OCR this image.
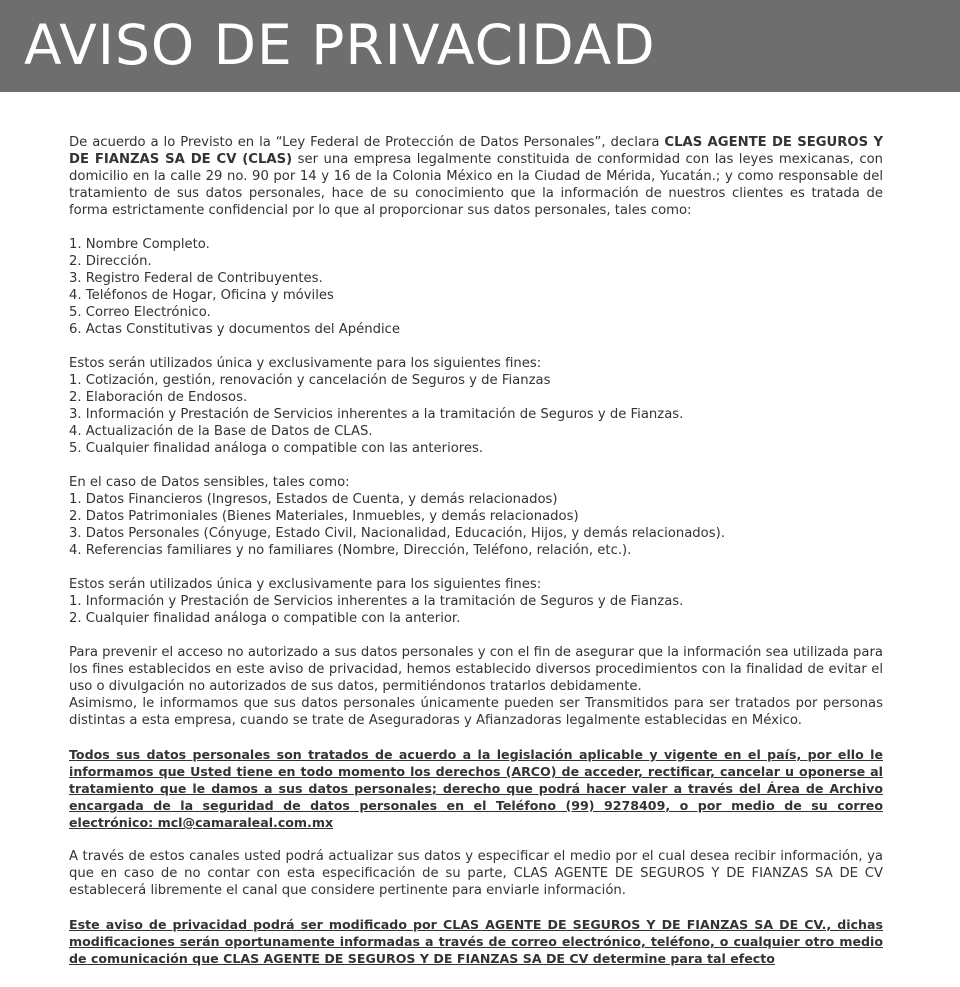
AVISO DE PRIVACIDAD

De acuerdo a lo Previsto en la “Ley Federal de Protección de Datos Personales”, declara CLAS AGENTE DE SEGUROS Y DE FIANZAS SA DE CV (CLAS) ser una empresa legalmente constituida de conformidad con las leyes mexicanas, con domicilio en la calle 29 no. 90 por 14 y 16 de la Colonia México en la Ciudad de Mérida, Yucatán.; y como responsable del tratamiento de sus datos personales, hace de su conocimiento que la información de nuestros clientes es tratada de forma estrictamente confidencial por lo que al proporcionar sus datos personales, tales como:

1. Nombre Completo.

2. Dirección.

3. Registro Federal de Contribuyentes.

4. Teléfonos de Hogar, Oficina y móviles

5. Correo Electrónico.

6. Actas Constitutivas y documentos del Apéndice

Estos serán utilizados única y exclusivamente para los siguientes fines:

1. Cotización, gestión, renovación y cancelación de Seguros y de Fianzas

2. Elaboración de Endosos.

3. Información y Prestación de Servicios inherentes a la tramitación de Seguros y de Fianzas.

4. Actualización de la Base de Datos de CLAS.

5. Cualquier finalidad análoga o compatible con las anteriores.

En el caso de Datos sensibles, tales como:

1. Datos Financieros (Ingresos, Estados de Cuenta, y demás relacionados)

2. Datos Patrimoniales (Bienes Materiales, Inmuebles, y demás relacionados)

3. Datos Personales (Cónyuge, Estado Civil, Nacionalidad, Educación, Hijos, y demás relacionados).

4. Referencias familiares y no familiares (Nombre, Dirección, Teléfono, relación, etc.).

Estos serán utilizados única y exclusivamente para los siguientes fines:

1. Información y Prestación de Servicios inherentes a la tramitación de Seguros y de Fianzas.

2. Cualquier finalidad análoga o compatible con la anterior.

Para prevenir el acceso no autorizado a sus datos personales y con el fin de asegurar que la información sea utilizada para los fines establecidos en este aviso de privacidad, hemos establecido diversos procedimientos con la finalidad de evitar el uso o divulgación no autorizados de sus datos, permitiéndonos tratarlos debidamente.

Asimismo, le informamos que sus datos personales únicamente pueden ser Transmitidos para ser tratados por personas distintas a esta empresa, cuando se trate de Aseguradoras y Afianzadoras legalmente establecidas en México.

Todos sus datos personales son tratados de acuerdo a la legislación aplicable y vigente en el país, por ello le informamos que Usted tiene en todo momento los derechos (ARCO) de acceder, rectificar, cancelar u oponerse al tratamiento que le damos a sus datos personales; derecho que podrá hacer valer a través del Área de Archivo encargada de la seguridad de datos personales en el Teléfono (99) 9278409, o por medio de su correo electrónico: mcl@camaraleal.com.mx

A través de estos canales usted podrá actualizar sus datos y especificar el medio por el cual desea recibir información, ya que en caso de no contar con esta especificación de su parte, CLAS AGENTE DE SEGUROS Y DE FIANZAS SA DE CV establecerá libremente el canal que considere pertinente para enviarle información.

Este aviso de privacidad podrá ser modificado por CLAS AGENTE DE SEGUROS Y DE FIANZAS SA DE CV., dichas modificaciones serán oportunamente informadas a través de correo electrónico, teléfono, o cualquier otro medio de comunicación que CLAS AGENTE DE SEGUROS Y DE FIANZAS SA DE CV determine para tal efecto
